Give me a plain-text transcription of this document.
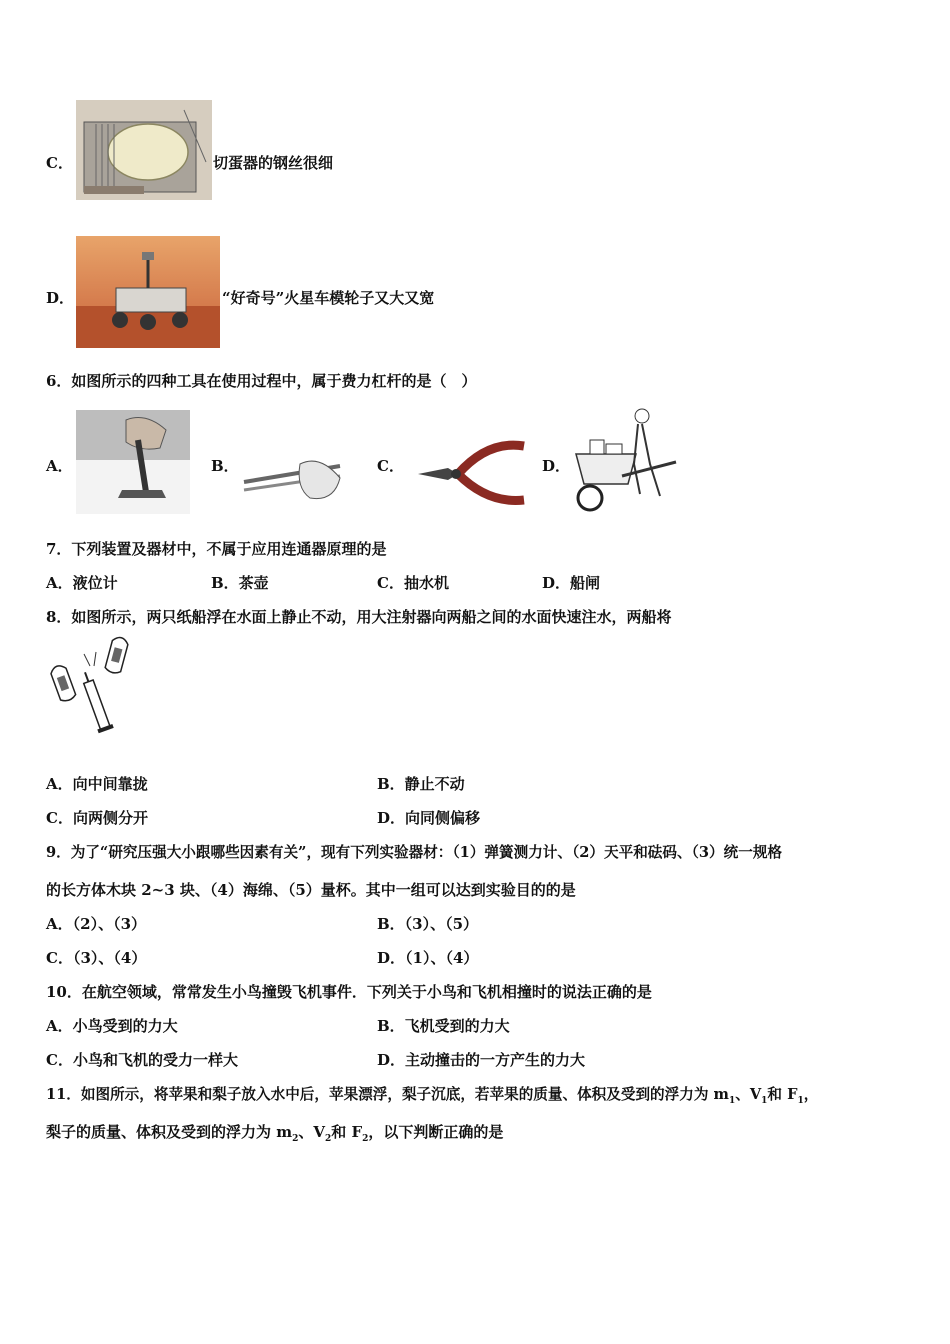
C．	切蛋器的钢丝很细
D．	“好奇号”火星车模轮子又大又宽
6．如图所示的四种工具在使用过程中，属于费力杠杆的是（　）
A．	B．	C．	D．
7．下列装置及器材中，不属于应用连通器原理的是
A．液位计	B．茶壶	C．抽水机	D．船闸
8．如图所示，两只纸船浮在水面上静止不动，用大注射器向两船之间的水面快速注水，两船将
A．向中间靠拢	B．静止不动
C．向两侧分开	D．向同侧偏移
9．为了“研究压强大小跟哪些因素有关”，现有下列实验器材：（1）弹簧测力计、（2）天平和砝码、（3）统一规格
的长方体木块 2~3 块、（4）海绵、（5）量杯。其中一组可以达到实验目的的是
A．（2）、（3）	B．（3）、（5）
C．（3）、（4）	D．（1）、（4）
10．在航空领域，常常发生小鸟撞毁飞机事件．下列关于小鸟和飞机相撞时的说法正确的是
A．小鸟受到的力大	B．飞机受到的力大
C．小鸟和飞机的受力一样大	D．主动撞击的一方产生的力大
11．如图所示，将苹果和梨子放入水中后，苹果漂浮，梨子沉底，若苹果的质量、体积及受到的浮力为 $m_1$、$V_1$和 $F_1$，
梨子的质量、体积及受到的浮力为 $m_2$、$V_2$和 $F_2$，以下判断正确的是
